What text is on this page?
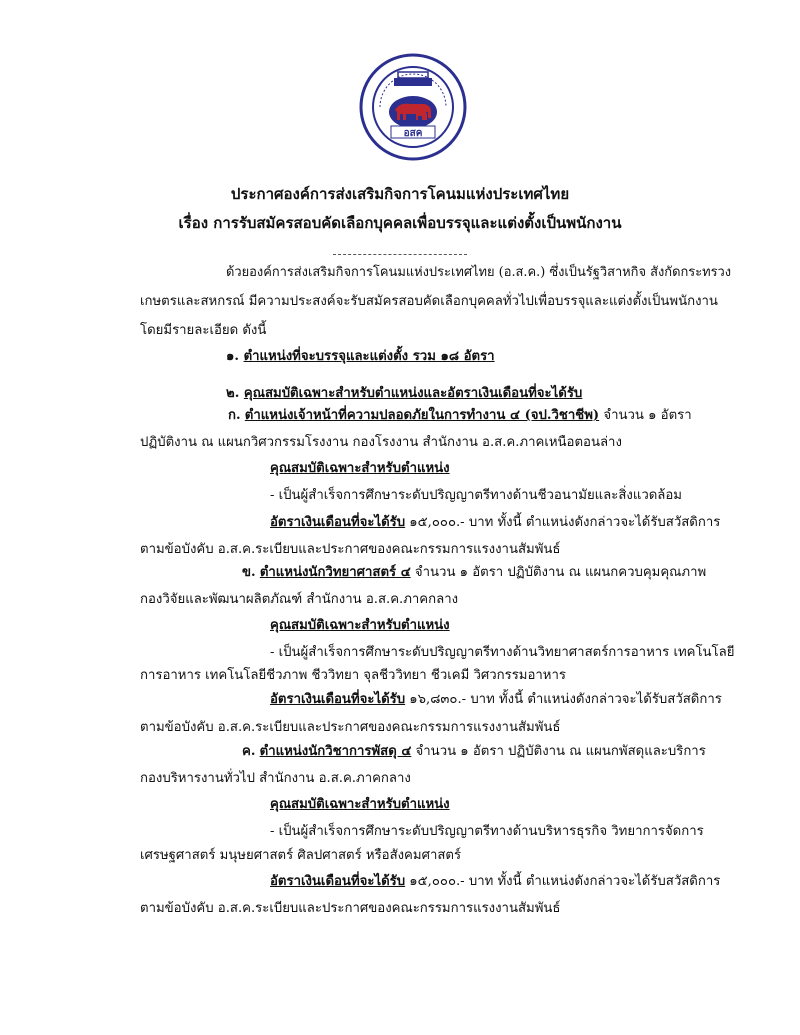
อสค
ประกาศองค์การส่งเสริมกิจการโคนมแห่งประเทศไทย
เรื่อง การรับสมัครสอบคัดเลือกบุคคลเพื่อบรรจุและแต่งตั้งเป็นพนักงาน
ด้วยองค์การส่งเสริมกิจการโคนมแห่งประเทศไทย (อ.ส.ค.) ซึ่งเป็นรัฐวิสาหกิจ สังกัดกระทรวง
เกษตรและสหกรณ์ มีความประสงค์จะรับสมัครสอบคัดเลือกบุคคลทั่วไปเพื่อบรรจุและแต่งตั้งเป็นพนักงาน
โดยมีรายละเอียด ดังนี้
๑. ตำแหน่งที่จะบรรจุและแต่งตั้ง รวม ๑๘ อัตรา
๒. คุณสมบัติเฉพาะสำหรับตำแหน่งและอัตราเงินเดือนที่จะได้รับ
ก. ตำแหน่งเจ้าหน้าที่ความปลอดภัยในการทำงาน ๔ (จป.วิชาชีพ) จำนวน ๑ อัตรา
ปฏิบัติงาน ณ แผนกวิศวกรรมโรงงาน กองโรงงาน สำนักงาน อ.ส.ค.ภาคเหนือตอนล่าง
คุณสมบัติเฉพาะสำหรับตำแหน่ง
- เป็นผู้สำเร็จการศึกษาระดับปริญญาตรีทางด้านชีวอนามัยและสิ่งแวดล้อม
อัตราเงินเดือนที่จะได้รับ ๑๕,๐๐๐.- บาท ทั้งนี้ ตำแหน่งดังกล่าวจะได้รับสวัสดิการ
ตามข้อบังคับ อ.ส.ค.ระเบียบและประกาศของคณะกรรมการแรงงานสัมพันธ์
ข. ตำแหน่งนักวิทยาศาสตร์ ๔ จำนวน ๑ อัตรา ปฏิบัติงาน ณ แผนกควบคุมคุณภาพ
กองวิจัยและพัฒนาผลิตภัณฑ์ สำนักงาน อ.ส.ค.ภาคกลาง
คุณสมบัติเฉพาะสำหรับตำแหน่ง
- เป็นผู้สำเร็จการศึกษาระดับปริญญาตรีทางด้านวิทยาศาสตร์การอาหาร เทคโนโลยี
การอาหาร เทคโนโลยีชีวภาพ ชีววิทยา จุลชีววิทยา ชีวเคมี วิศวกรรมอาหาร
อัตราเงินเดือนที่จะได้รับ ๑๖,๘๓๐.- บาท ทั้งนี้ ตำแหน่งดังกล่าวจะได้รับสวัสดิการ
ตามข้อบังคับ อ.ส.ค.ระเบียบและประกาศของคณะกรรมการแรงงานสัมพันธ์
ค. ตำแหน่งนักวิชาการพัสดุ ๔ จำนวน ๑ อัตรา ปฏิบัติงาน ณ แผนกพัสดุและบริการ
กองบริหารงานทั่วไป สำนักงาน อ.ส.ค.ภาคกลาง
คุณสมบัติเฉพาะสำหรับตำแหน่ง
- เป็นผู้สำเร็จการศึกษาระดับปริญญาตรีทางด้านบริหารธุรกิจ วิทยาการจัดการ
เศรษฐศาสตร์ มนุษยศาสตร์ ศิลปศาสตร์ หรือสังคมศาสตร์
อัตราเงินเดือนที่จะได้รับ ๑๕,๐๐๐.- บาท ทั้งนี้ ตำแหน่งดังกล่าวจะได้รับสวัสดิการ
ตามข้อบังคับ อ.ส.ค.ระเบียบและประกาศของคณะกรรมการแรงงานสัมพันธ์
